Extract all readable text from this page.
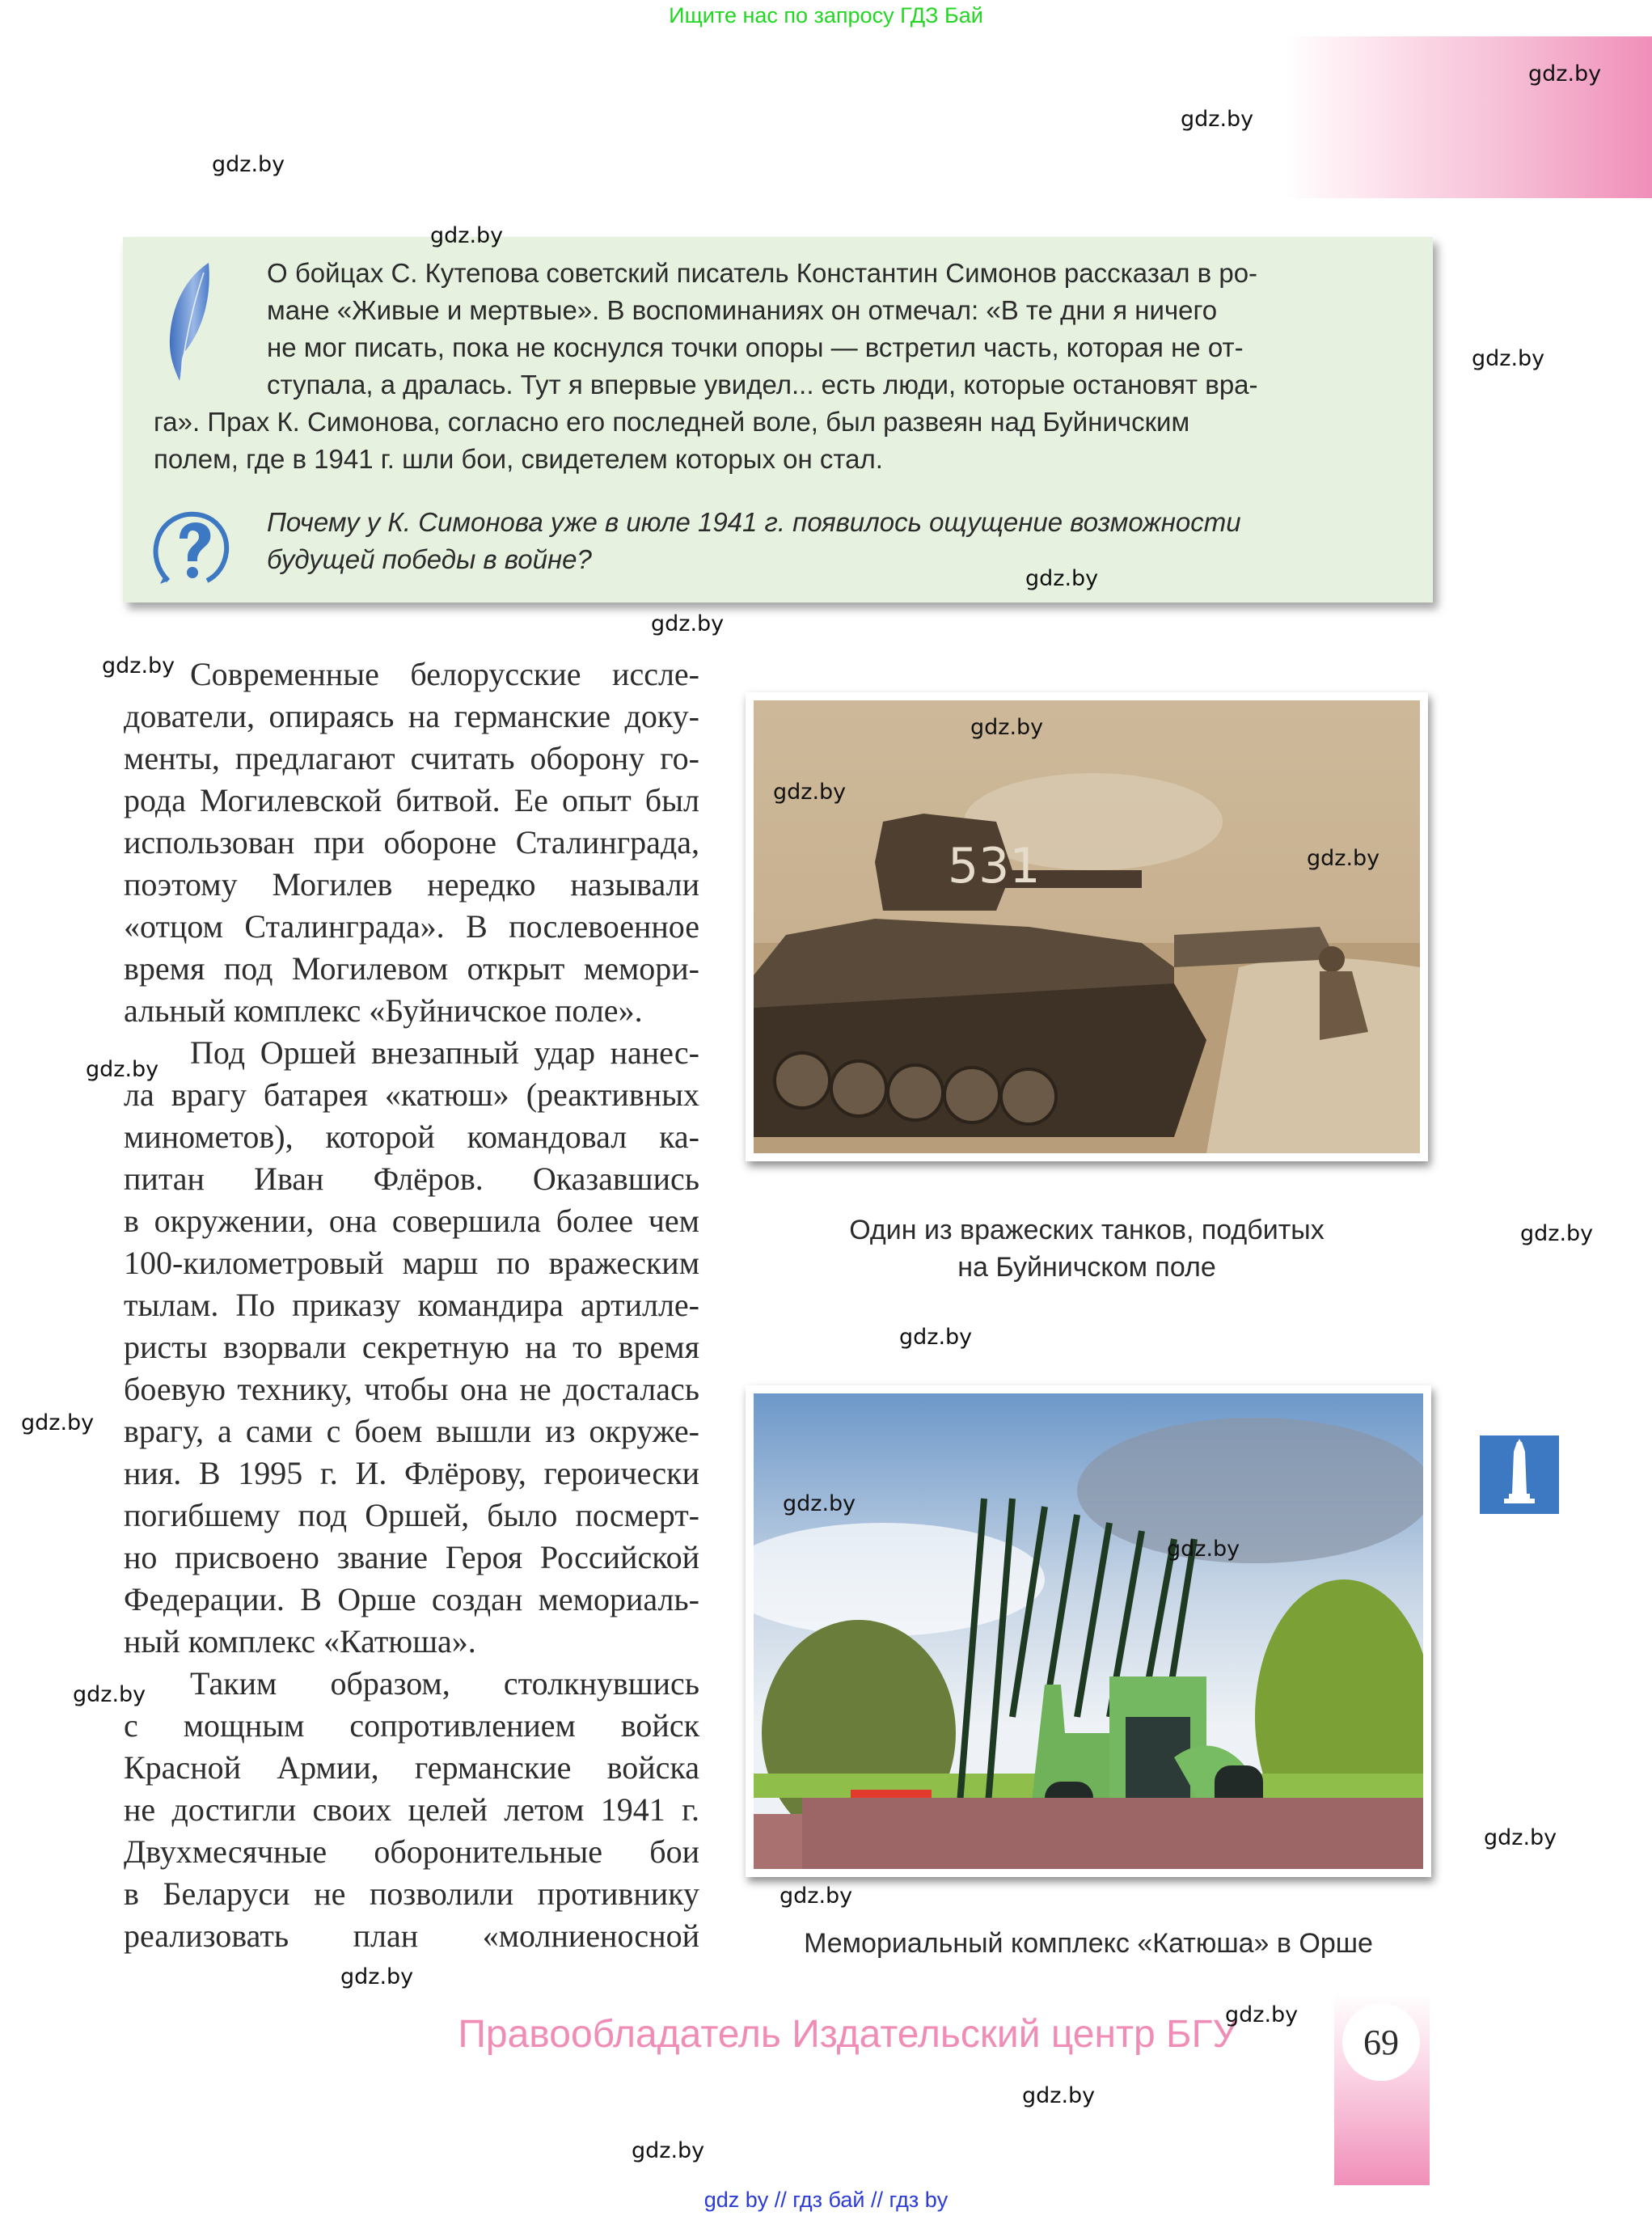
Ищите нас по запросу ГДЗ Бай
О бойцах С. Кутепова советский писатель Константин Симонов рассказал в ро-
мане «Живые и мертвые». В воспоминаниях он отмечал: «В те дни я ничего
не мог писать, пока не коснулся точки опоры — встретил часть, которая не от-
ступала, а дралась. Тут я впервые увидел... есть люди, которые остановят вра-
га». Прах К. Симонова, согласно его последней воле, был развеян над Буйничским
полем, где в 1941 г. шли бои, свидетелем которых он стал.
Почему у К. Симонова уже в июле 1941 г. появилось ощущение возможности
будущей победы в войне?
Современные белорусские иссле-
дователи, опираясь на германские доку-
менты, предлагают считать оборону го-
рода Могилевской битвой. Ее опыт был
использован при обороне Сталинграда,
поэтому Могилев нередко называли
«отцом Сталинграда». В послевоенное
время под Могилевом открыт мемори-
альный комплекс «Буйничское поле».
Под Оршей внезапный удар нанес-
ла врагу батарея «катюш» (реактивных
минометов), которой командовал ка-
питан Иван Флёров. Оказавшись
в окружении, она совершила более чем
100-километровый марш по вражеским
тылам. По приказу командира артилле-
ристы взорвали секретную на то время
боевую технику, чтобы она не досталась
врагу, а сами с боем вышли из окруже-
ния. В 1995 г. И. Флёрову, героически
погибшему под Оршей, было посмерт-
но присвоено звание Героя Российской
Федерации. В Орше создан мемориаль-
ный комплекс «Катюша».
Таким образом, столкнувшись
с мощным сопротивлением войск
Красной Армии, германские войска
не достигли своих целей летом 1941 г.
Двухмесячные оборонительные бои
в Беларуси не позволили противнику
реализовать план «молниеносной
531
Один из вражеских танков, подбитых
на Буйничском поле
Мемориальный комплекс «Катюша» в Орше
Правообладатель Издательский центр БГУ	69
gdz by // гдз бай // гдз by
gdz.by
gdz.by
gdz.by
gdz.by
gdz.by
gdz.by
gdz.by
gdz.by
gdz.by
gdz.by
gdz.by
gdz.by
gdz.by
gdz.by
gdz.by
gdz.by
gdz.by
gdz.by
gdz.by
gdz.by
gdz.by
gdz.by
gdz.by
gdz.by
